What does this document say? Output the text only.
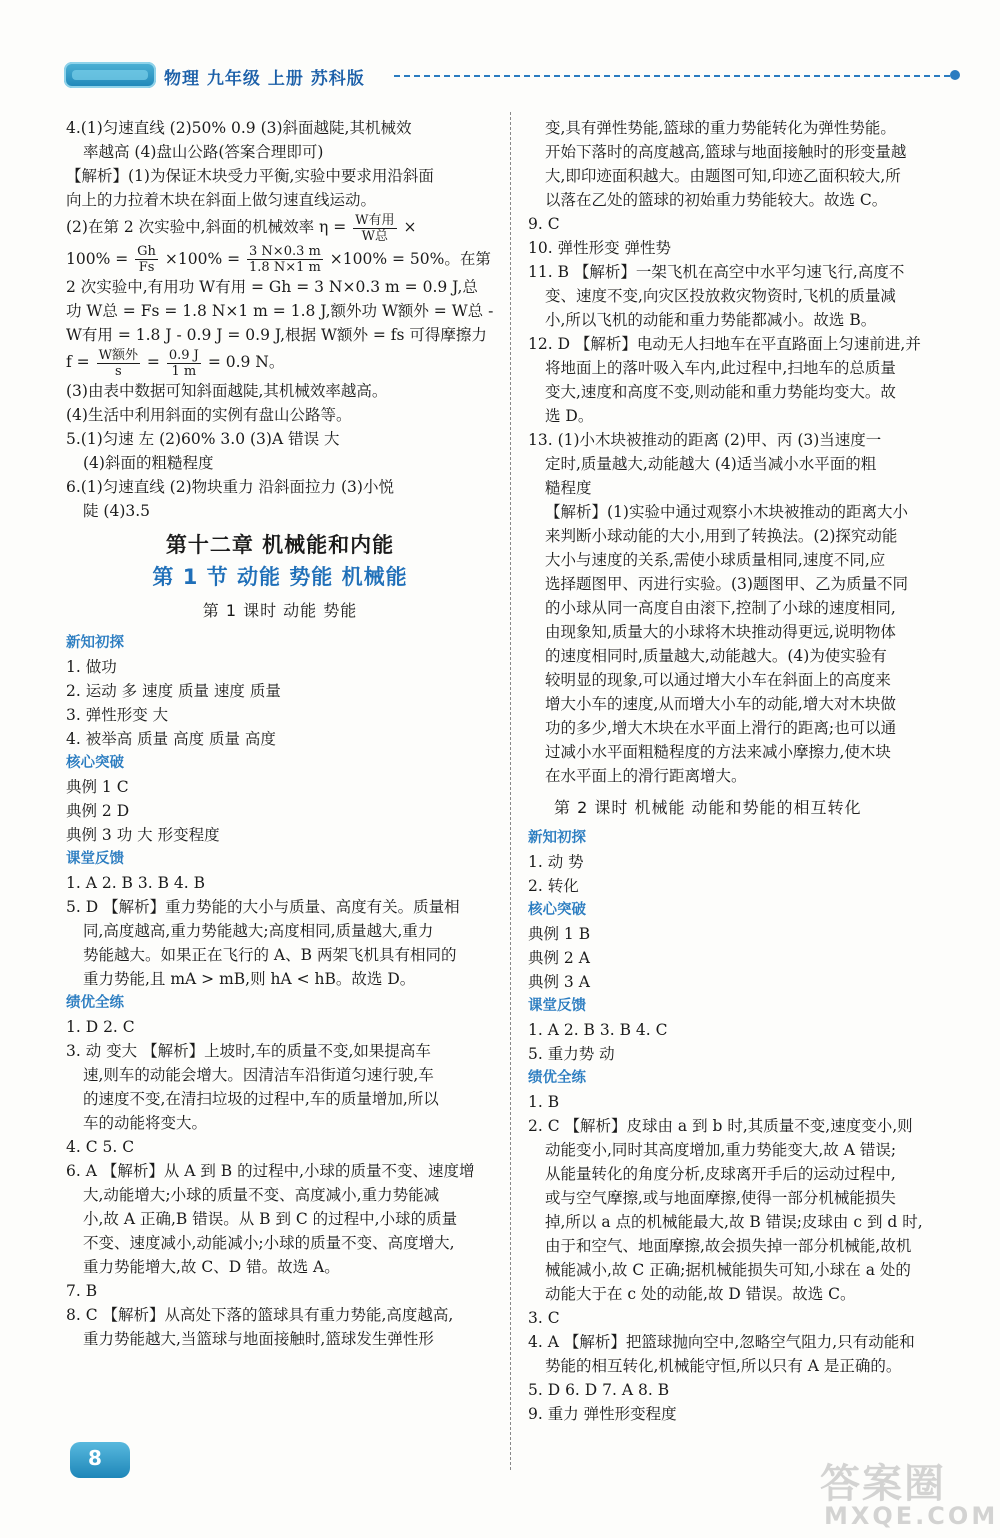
物理 九年级 上册 苏科版
4.(1)匀速直线 (2)50% 0.9 (3)斜面越陡,其机械效
率越高 (4)盘山公路(答案合理即可)
【解析】(1)为保证木块受力平衡,实验中要求用沿斜面
向上的力拉着木块在斜面上做匀速直线运动。
(2)在第 2 次实验中,斜面的机械效率 $\eta = \frac{\text{W有用}}{\text{W总}}$ ×
$100\% = \frac{Gh}{Fs} \times 100\% = \frac{3 N\times 0.3 m}{1.8 N\times 1 m} \times 100\% = 50\%$。在第
2 次实验中,有用功 W有用 = Gh = 3 N×0.3 m = 0.9 J,总
功 W总 = Fs = 1.8 N×1 m = 1.8 J,额外功 W额外 = W总 -
W有用 = 1.8 J - 0.9 J = 0.9 J,根据 W额外 = fs 可得摩擦力
$f = \frac{\text{W额外}}{s} = \frac{0.9 J}{1 m} = 0.9$ N。
(3)由表中数据可知斜面越陡,其机械效率越高。
(4)生活中利用斜面的实例有盘山公路等。
5.(1)匀速 左 (2)60% 3.0 (3)A 错误 大
(4)斜面的粗糙程度
6.(1)匀速直线 (2)物块重力 沿斜面拉力 (3)小悦
陡 (4)3.5
第十二章 机械能和内能
第 1 节 动能 势能 机械能
第 1 课时 动能 势能
新知初探
1. 做功
2. 运动 多 速度 质量 速度 质量
3. 弹性形变 大
4. 被举高 质量 高度 质量 高度
核心突破
典例 1 C
典例 2 D
典例 3 功 大 形变程度
课堂反馈
1. A 2. B 3. B 4. B
5. D 【解析】重力势能的大小与质量、高度有关。质量相
同,高度越高,重力势能越大;高度相同,质量越大,重力
势能越大。如果正在飞行的 A、B 两架飞机具有相同的
重力势能,且 mA > mB,则 hA < hB。故选 D。
绩优全练
1. D 2. C
3. 动 变大 【解析】上坡时,车的质量不变,如果提高车
速,则车的动能会增大。因清洁车沿街道匀速行驶,车
的速度不变,在清扫垃圾的过程中,车的质量增加,所以
车的动能将变大。
4. C 5. C
6. A 【解析】从 A 到 B 的过程中,小球的质量不变、速度增
大,动能增大;小球的质量不变、高度减小,重力势能减
小,故 A 正确,B 错误。从 B 到 C 的过程中,小球的质量
不变、速度减小,动能减小;小球的质量不变、高度增大,
重力势能增大,故 C、D 错。故选 A。
7. B
8. C 【解析】从高处下落的篮球具有重力势能,高度越高,
重力势能越大,当篮球与地面接触时,篮球发生弹性形
变,具有弹性势能,篮球的重力势能转化为弹性势能。
开始下落时的高度越高,篮球与地面接触时的形变量越
大,即印迹面积越大。由题图可知,印迹乙面积较大,所
以落在乙处的篮球的初始重力势能较大。故选 C。
9. C
10. 弹性形变 弹性势
11. B 【解析】一架飞机在高空中水平匀速飞行,高度不
变、速度不变,向灾区投放救灾物资时,飞机的质量减
小,所以飞机的动能和重力势能都减小。故选 B。
12. D 【解析】电动无人扫地车在平直路面上匀速前进,并
将地面上的落叶吸入车内,此过程中,扫地车的总质量
变大,速度和高度不变,则动能和重力势能均变大。故
选 D。
13. (1)小木块被推动的距离 (2)甲、丙 (3)当速度一
定时,质量越大,动能越大 (4)适当减小水平面的粗
糙程度
【解析】(1)实验中通过观察小木块被推动的距离大小
来判断小球动能的大小,用到了转换法。(2)探究动能
大小与速度的关系,需使小球质量相同,速度不同,应
选择题图甲、丙进行实验。(3)题图甲、乙为质量不同
的小球从同一高度自由滚下,控制了小球的速度相同,
由现象知,质量大的小球将木块推动得更远,说明物体
的速度相同时,质量越大,动能越大。(4)为使实验有
较明显的现象,可以通过增大小车在斜面上的高度来
增大小车的速度,从而增大小车的动能,增大对木块做
功的多少,增大木块在水平面上滑行的距离;也可以通
过减小水平面粗糙程度的方法来减小摩擦力,使木块
在水平面上的滑行距离增大。
第 2 课时 机械能 动能和势能的相互转化
新知初探
1. 动 势
2. 转化
核心突破
典例 1 B
典例 2 A
典例 3 A
课堂反馈
1. A 2. B 3. B 4. C
5. 重力势 动
绩优全练
1. B
2. C 【解析】皮球由 a 到 b 时,其质量不变,速度变小,则
动能变小,同时其高度增加,重力势能变大,故 A 错误;
从能量转化的角度分析,皮球离开手后的运动过程中,
或与空气摩擦,或与地面摩擦,使得一部分机械能损失
掉,所以 a 点的机械能最大,故 B 错误;皮球由 c 到 d 时,
由于和空气、地面摩擦,故会损失掉一部分机械能,故机
械能减小,故 C 正确;据机械能损失可知,小球在 a 处的
动能大于在 c 处的动能,故 D 错误。故选 C。
3. C
4. A 【解析】把篮球抛向空中,忽略空气阻力,只有动能和
势能的相互转化,机械能守恒,所以只有 A 是正确的。
5. D 6. D 7. A 8. B
9. 重力 弹性形变程度
8
答案圈
MXQE.COM
